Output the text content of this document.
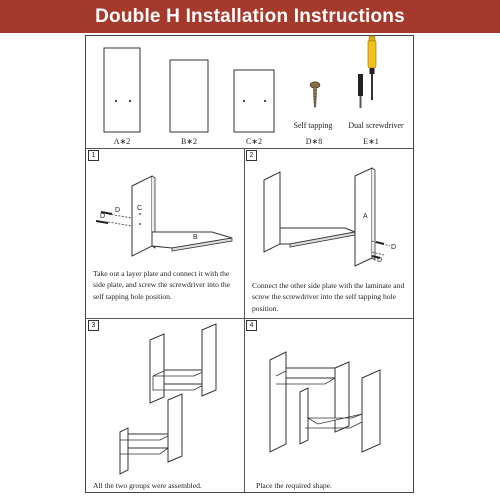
Double H Installation Instructions
C
B
D
D	A
D
D
A∗2	B∗2	C∗2
Self tapping
D∗8
Dual screwdriver
E∗1
1	2
3	4
Take out a layer plate and connect it with the side plate, and screw the screwdriver into the self tapping hole position.
Connect the other side plate with the laminate and screw the screwdriver into the self tapping hole position.
All the two groups were assembled.	Place the required shape.
